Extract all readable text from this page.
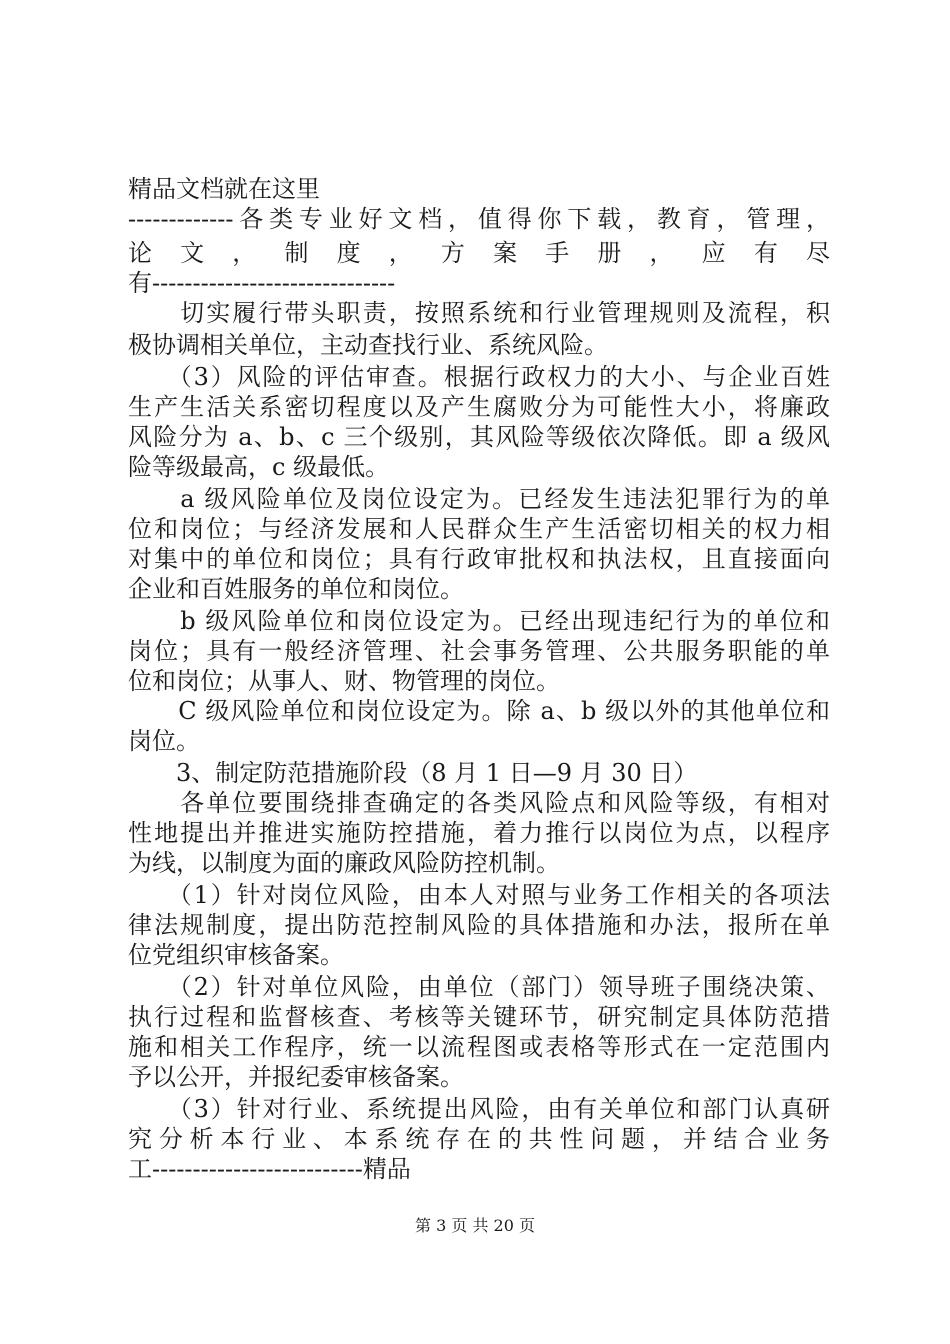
精品文档就在这里
-------------各类专业好文档，值得你下载，教育，管理，
论 文 ， 制 度 ， 方 案 手 册 ， 应 有 尽
有------------------------------
　　切实履行带头职责，按照系统和行业管理规则及流程，积
极协调相关单位，主动查找行业、系统风险。
　　（3）风险的评估审查。根据行政权力的大小、与企业百姓
生产生活关系密切程度以及产生腐败分为可能性大小，将廉政
风险分为 a、b、c 三个级别，其风险等级依次降低。即 a 级风
险等级最高，c 级最低。
　　a 级风险单位及岗位设定为。已经发生违法犯罪行为的单
位和岗位；与经济发展和人民群众生产生活密切相关的权力相
对集中的单位和岗位；具有行政审批权和执法权，且直接面向
企业和百姓服务的单位和岗位。
　　b 级风险单位和岗位设定为。已经出现违纪行为的单位和
岗位；具有一般经济管理、社会事务管理、公共服务职能的单
位和岗位；从事人、财、物管理的岗位。
　　C 级风险单位和岗位设定为。除 a、b 级以外的其他单位和
岗位。
　　3、制定防范措施阶段（8 月 1 日—9 月 30 日）
　　各单位要围绕排查确定的各类风险点和风险等级，有相对
性地提出并推进实施防控措施，着力推行以岗位为点，以程序
为线，以制度为面的廉政风险防控机制。
　　（1）针对岗位风险，由本人对照与业务工作相关的各项法
律法规制度，提出防范控制风险的具体措施和办法，报所在单
位党组织审核备案。
　　（2）针对单位风险，由单位（部门）领导班子围绕决策、
执行过程和监督核查、考核等关键环节，研究制定具体防范措
施和相关工作程序，统一以流程图或表格等形式在一定范围内
予以公开，并报纪委审核备案。
　　（3）针对行业、系统提出风险，由有关单位和部门认真研
究分析本行业、本系统存在的共性问题，并结合业务
工--------------------------精品
第 3 页 共 20 页
